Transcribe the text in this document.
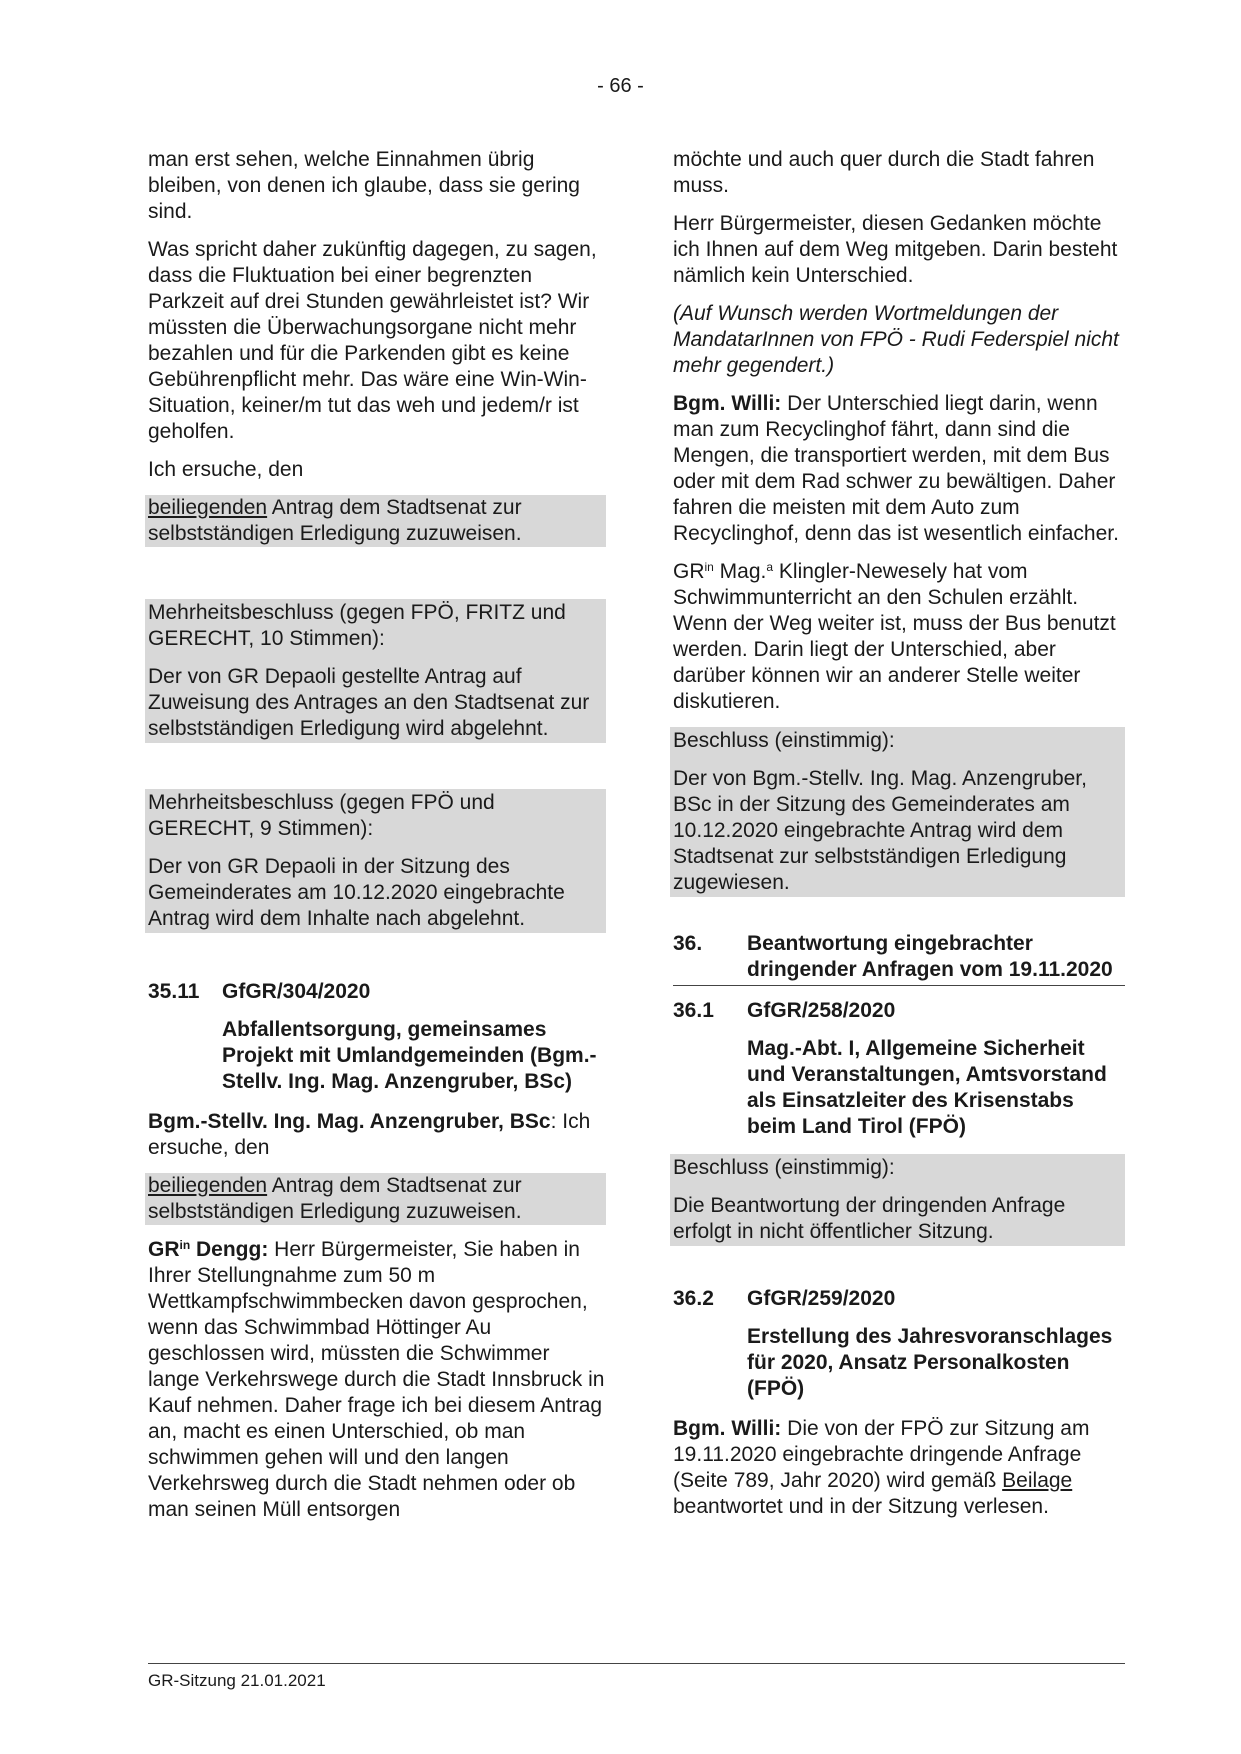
- 66 -

man erst sehen, welche Einnahmen übrig bleiben, von denen ich glaube, dass sie gering sind.

Was spricht daher zukünftig dagegen, zu sagen, dass die Fluktuation bei einer begrenzten Parkzeit auf drei Stunden gewährleistet ist? Wir müssten die Überwachungsorgane nicht mehr bezahlen und für die Parkenden gibt es keine Gebührenpflicht mehr. Das wäre eine Win-Win-Situation, keiner/m tut das weh und jedem/r ist geholfen.

Ich ersuche, den

beiliegenden Antrag dem Stadtsenat zur selbstständigen Erledigung zuzuweisen.

Mehrheitsbeschluss (gegen FPÖ, FRITZ und GERECHT, 10 Stimmen):

Der von GR Depaoli gestellte Antrag auf Zuweisung des Antrages an den Stadtsenat zur selbstständigen Erledigung wird abgelehnt.

Mehrheitsbeschluss (gegen FPÖ und GERECHT, 9 Stimmen):

Der von GR Depaoli in der Sitzung des Gemeinderates am 10.12.2020 eingebrachte Antrag wird dem Inhalte nach abgelehnt.

35.11	GfGR/304/2020
Abfallentsorgung, gemeinsames Projekt mit Umlandgemeinden (Bgm.-Stellv. Ing. Mag. Anzengruber, BSc)

Bgm.-Stellv. Ing. Mag. Anzengruber, BSc: Ich ersuche, den

beiliegenden Antrag dem Stadtsenat zur selbstständigen Erledigung zuzuweisen.

$GR^{in}$ Dengg: Herr Bürgermeister, Sie haben in Ihrer Stellungnahme zum 50 m Wettkampfschwimmbecken davon gesprochen, wenn das Schwimmbad Höttinger Au geschlossen wird, müssten die Schwimmer lange Verkehrswege durch die Stadt Innsbruck in Kauf nehmen. Daher frage ich bei diesem Antrag an, macht es einen Unterschied, ob man schwimmen gehen will und den langen Verkehrsweg durch die Stadt nehmen oder ob man seinen Müll entsorgen

möchte und auch quer durch die Stadt fahren muss.

Herr Bürgermeister, diesen Gedanken möchte ich Ihnen auf dem Weg mitgeben. Darin besteht nämlich kein Unterschied.

(Auf Wunsch werden Wortmeldungen der MandatarInnen von FPÖ - Rudi Federspiel nicht mehr gegendert.)

Bgm. Willi: Der Unterschied liegt darin, wenn man zum Recyclinghof fährt, dann sind die Mengen, die transportiert werden, mit dem Bus oder mit dem Rad schwer zu bewältigen. Daher fahren die meisten mit dem Auto zum Recyclinghof, denn das ist wesentlich einfacher.

$GR^{in}$ Mag.$^a$ Klingler-Newesely hat vom Schwimmunterricht an den Schulen erzählt. Wenn der Weg weiter ist, muss der Bus benutzt werden. Darin liegt der Unterschied, aber darüber können wir an anderer Stelle weiter diskutieren.

Beschluss (einstimmig):

Der von Bgm.-Stellv. Ing. Mag. Anzengruber, BSc in der Sitzung des Gemeinderates am 10.12.2020 eingebrachte Antrag wird dem Stadtsenat zur selbstständigen Erledigung zugewiesen.

36.	Beantwortung eingebrachter dringender Anfragen vom 19.11.2020
36.1	GfGR/258/2020
Mag.-Abt. I, Allgemeine Sicherheit und Veranstaltungen, Amtsvorstand als Einsatzleiter des Krisenstabs beim Land Tirol (FPÖ)

Beschluss (einstimmig):

Die Beantwortung der dringenden Anfrage erfolgt in nicht öffentlicher Sitzung.

36.2	GfGR/259/2020
Erstellung des Jahresvoranschlages für 2020, Ansatz Personalkosten (FPÖ)

Bgm. Willi: Die von der FPÖ zur Sitzung am 19.11.2020 eingebrachte dringende Anfrage (Seite 789, Jahr 2020) wird gemäß Beilage beantwortet und in der Sitzung verlesen.

GR-Sitzung 21.01.2021
